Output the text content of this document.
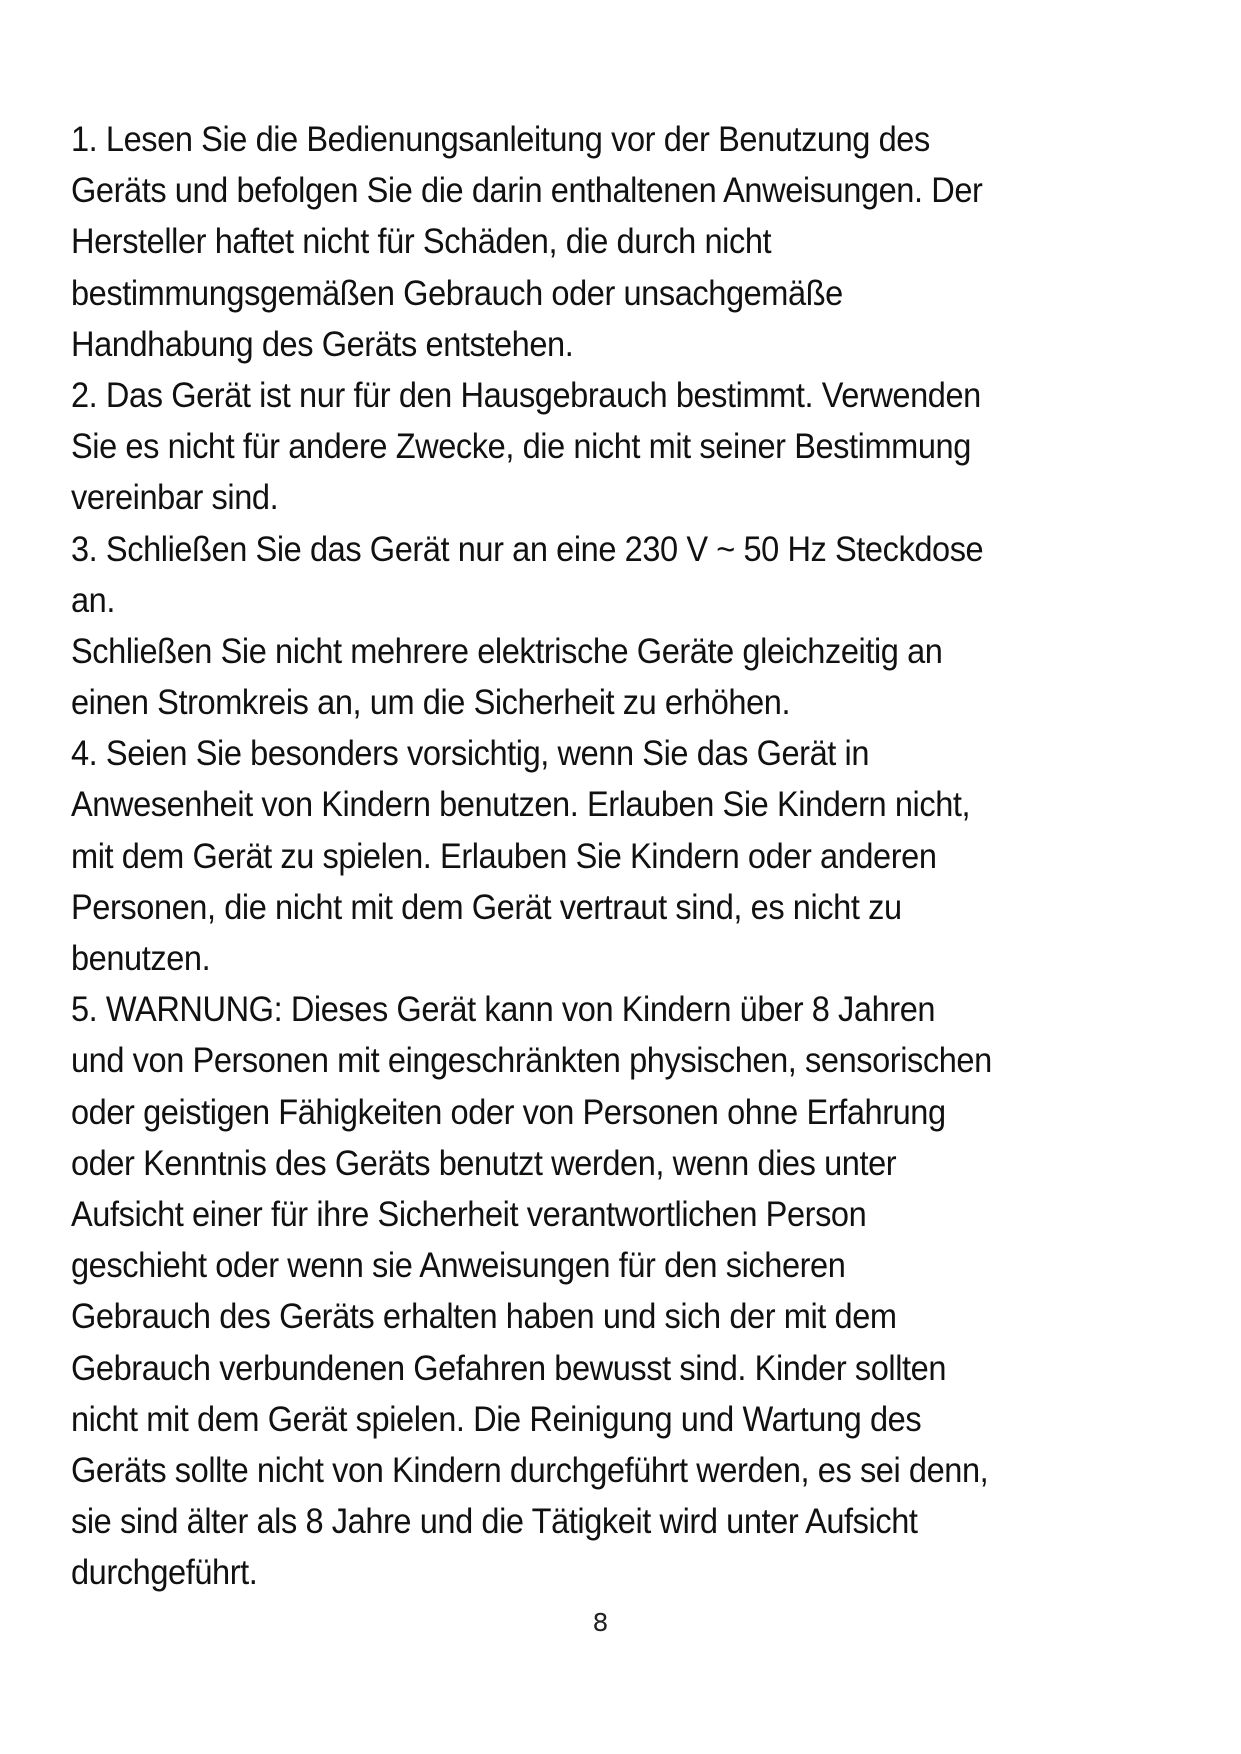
1. Lesen Sie die Bedienungsanleitung vor der Benutzung des
Geräts und befolgen Sie die darin enthaltenen Anweisungen. Der
Hersteller haftet nicht für Schäden, die durch nicht
bestimmungsgemäßen Gebrauch oder unsachgemäße
Handhabung des Geräts entstehen.
2. Das Gerät ist nur für den Hausgebrauch bestimmt. Verwenden
Sie es nicht für andere Zwecke, die nicht mit seiner Bestimmung
vereinbar sind.
3. Schließen Sie das Gerät nur an eine 230 V ~ 50 Hz Steckdose
an.
Schließen Sie nicht mehrere elektrische Geräte gleichzeitig an
einen Stromkreis an, um die Sicherheit zu erhöhen.
4. Seien Sie besonders vorsichtig, wenn Sie das Gerät in
Anwesenheit von Kindern benutzen. Erlauben Sie Kindern nicht,
mit dem Gerät zu spielen. Erlauben Sie Kindern oder anderen
Personen, die nicht mit dem Gerät vertraut sind, es nicht zu
benutzen.
5. WARNUNG: Dieses Gerät kann von Kindern über 8 Jahren
und von Personen mit eingeschränkten physischen, sensorischen
oder geistigen Fähigkeiten oder von Personen ohne Erfahrung
oder Kenntnis des Geräts benutzt werden, wenn dies unter
Aufsicht einer für ihre Sicherheit verantwortlichen Person
geschieht oder wenn sie Anweisungen für den sicheren
Gebrauch des Geräts erhalten haben und sich der mit dem
Gebrauch verbundenen Gefahren bewusst sind. Kinder sollten
nicht mit dem Gerät spielen. Die Reinigung und Wartung des
Geräts sollte nicht von Kindern durchgeführt werden, es sei denn,
sie sind älter als 8 Jahre und die Tätigkeit wird unter Aufsicht
durchgeführt.
8
